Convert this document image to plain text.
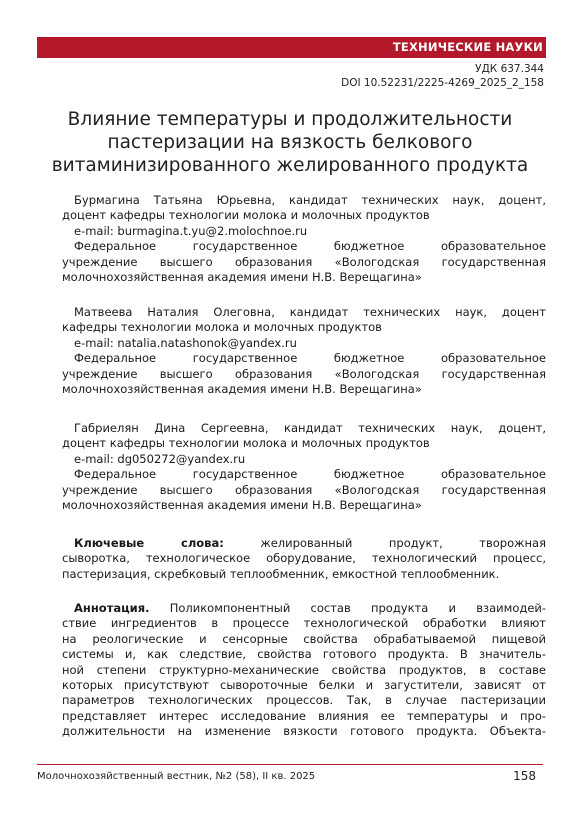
ТЕХНИЧЕСКИЕ НАУКИ
УДК 637.344
DOI 10.52231/2225-4269_2025_2_158
Влияние температуры и продолжительности
пастеризации на вязкость белкового
витаминизированного желированного продукта
Бурмагина Татьяна Юрьевна, кандидат технических наук, доцент,
доцент кафедры технологии молока и молочных продуктов
e-mail: burmagina.t.yu@2.molochnoe.ru
Федеральное государственное бюджетное образовательное
учреждение высшего образования «Вологодская государственная
молочнохозяйственная академия имени Н.В. Верещагина»
Матвеева Наталия Олеговна, кандидат технических наук, доцент
кафедры технологии молока и молочных продуктов
e-mail: natalia.natashonok@yandex.ru
Федеральное государственное бюджетное образовательное
учреждение высшего образования «Вологодская государственная
молочнохозяйственная академия имени Н.В. Верещагина»
Габриелян Дина Сергеевна, кандидат технических наук, доцент,
доцент кафедры технологии молока и молочных продуктов
e-mail: dg050272@yandex.ru
Федеральное государственное бюджетное образовательное
учреждение высшего образования «Вологодская государственная
молочнохозяйственная академия имени Н.В. Верещагина»
Ключевые слова:	желированный продукт, творожная
сыворотка, технологическое оборудование, технологический процесс,
пастеризация, скребковый теплообменник, емкостной теплообменник.
Аннотация. Поликомпонентный состав продукта и взаимодей-
ствие ингредиентов в процессе технологической обработки влияют
на реологические и сенсорные свойства обрабатываемой пищевой
системы и, как следствие, свойства готового продукта. В значитель-
ной степени структурно-механические свойства продуктов, в составе
которых присутствуют сывороточные белки и загустители, зависят от
параметров технологических процессов. Так, в случае пастеризации
представляет интерес исследование влияния ее температуры и про-
должительности на изменение вязкости готового продукта. Объекта-
Молочнохозяйственный вестник, №2 (58), II кв. 2025	158
